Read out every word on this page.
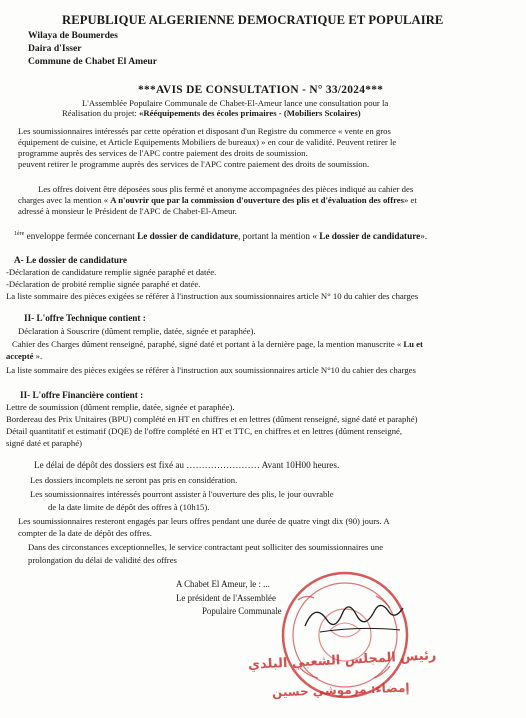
REPUBLIQUE ALGERIENNE DEMOCRATIQUE ET POPULAIRE
Wilaya de Boumerdes
Daira d'Isser
Commune de Chabet El Ameur
***AVIS DE CONSULTATION - N° 33/2024***
L'Assemblée Populaire Communale de Chabet-El-Ameur lance une consultation pour la
Réalisation du projet: «Rééquipements des écoles primaires - (Mobiliers Scolaires)
Les soumissionnaires intéressés par cette opération et disposant d'un Registre du commerce « vente en gros
équipement de cuisine, et Article Equipements Mobiliers de bureaux) » en cour de validité. Peuvent retirer le
programme auprès des services de l'APC contre paiement des droits de soumission.
peuvent retirer le programme auprès des services de l'APC contre paiement des droits de soumission.
Les offres doivent être déposées sous plis fermé et anonyme accompagnées des pièces indiqué au cahier des
charges avec la mention « A n'ouvrir que par la commission d'ouverture des plis et d'évaluation des offres» et
adressé à monsieur le Président de l'APC de Chabet-El-Ameur.
$^{1ère}$ enveloppe fermée concernant Le dossier de candidature, portant la mention « Le dossier de candidature».
A- Le dossier de candidature
-Déclaration de candidature remplie signée paraphé et datée.
-Déclaration de probité remplie signée paraphé et datée.
La liste sommaire des pièces exigées se référer à l'instruction aux soumissionnaires article N° 10 du cahier des charges
II- L'offre Technique contient :
Déclaration à Souscrire (dûment remplie, datée, signée et paraphée).
Cahier des Charges dûment renseigné, paraphé, signé daté et portant à la dernière page, la mention manuscrite « Lu et
accepté ».
La liste sommaire des pièces exigées se référer à l'instruction aux soumissionnaires article N°10 du cahier des charges
II- L'offre Financière contient :
Lettre de soumission (dûment remplie, datée, signée et paraphée).
Bordereau des Prix Unitaires (BPU) complété en HT en chiffres et en lettres (dûment renseigné, signé daté et paraphé)
Détail quantitatif et estimatif (DQE) de l'offre complété en HT et TTC, en chiffres et en lettres (dûment renseigné,
signé daté et paraphé)
Le délai de dépôt des dossiers est fixé au …………………… Avant 10H00 heures.
Les dossiers incomplets ne seront pas pris en considération.
Les soumissionnaires intéressés pourront assister à l'ouverture des plis, le jour ouvrable
de la date limite de dépôt des offres à (10h15).
Les soumissionnaires resteront engagés par leurs offres pendant une durée de quatre vingt dix (90) jours. A
compter de la date de dépôt des offres.
Dans des circonstances exceptionnelles, le service contractant peut solliciter des soumissionnaires une
prolongation du délai de validité des offres
A Chabet El Ameur, le : ...
Le président de l'Assemblée
Populaire Communale
رئيس المجلس الشعبي البلدي
إمضاء: مرموشي حسين
